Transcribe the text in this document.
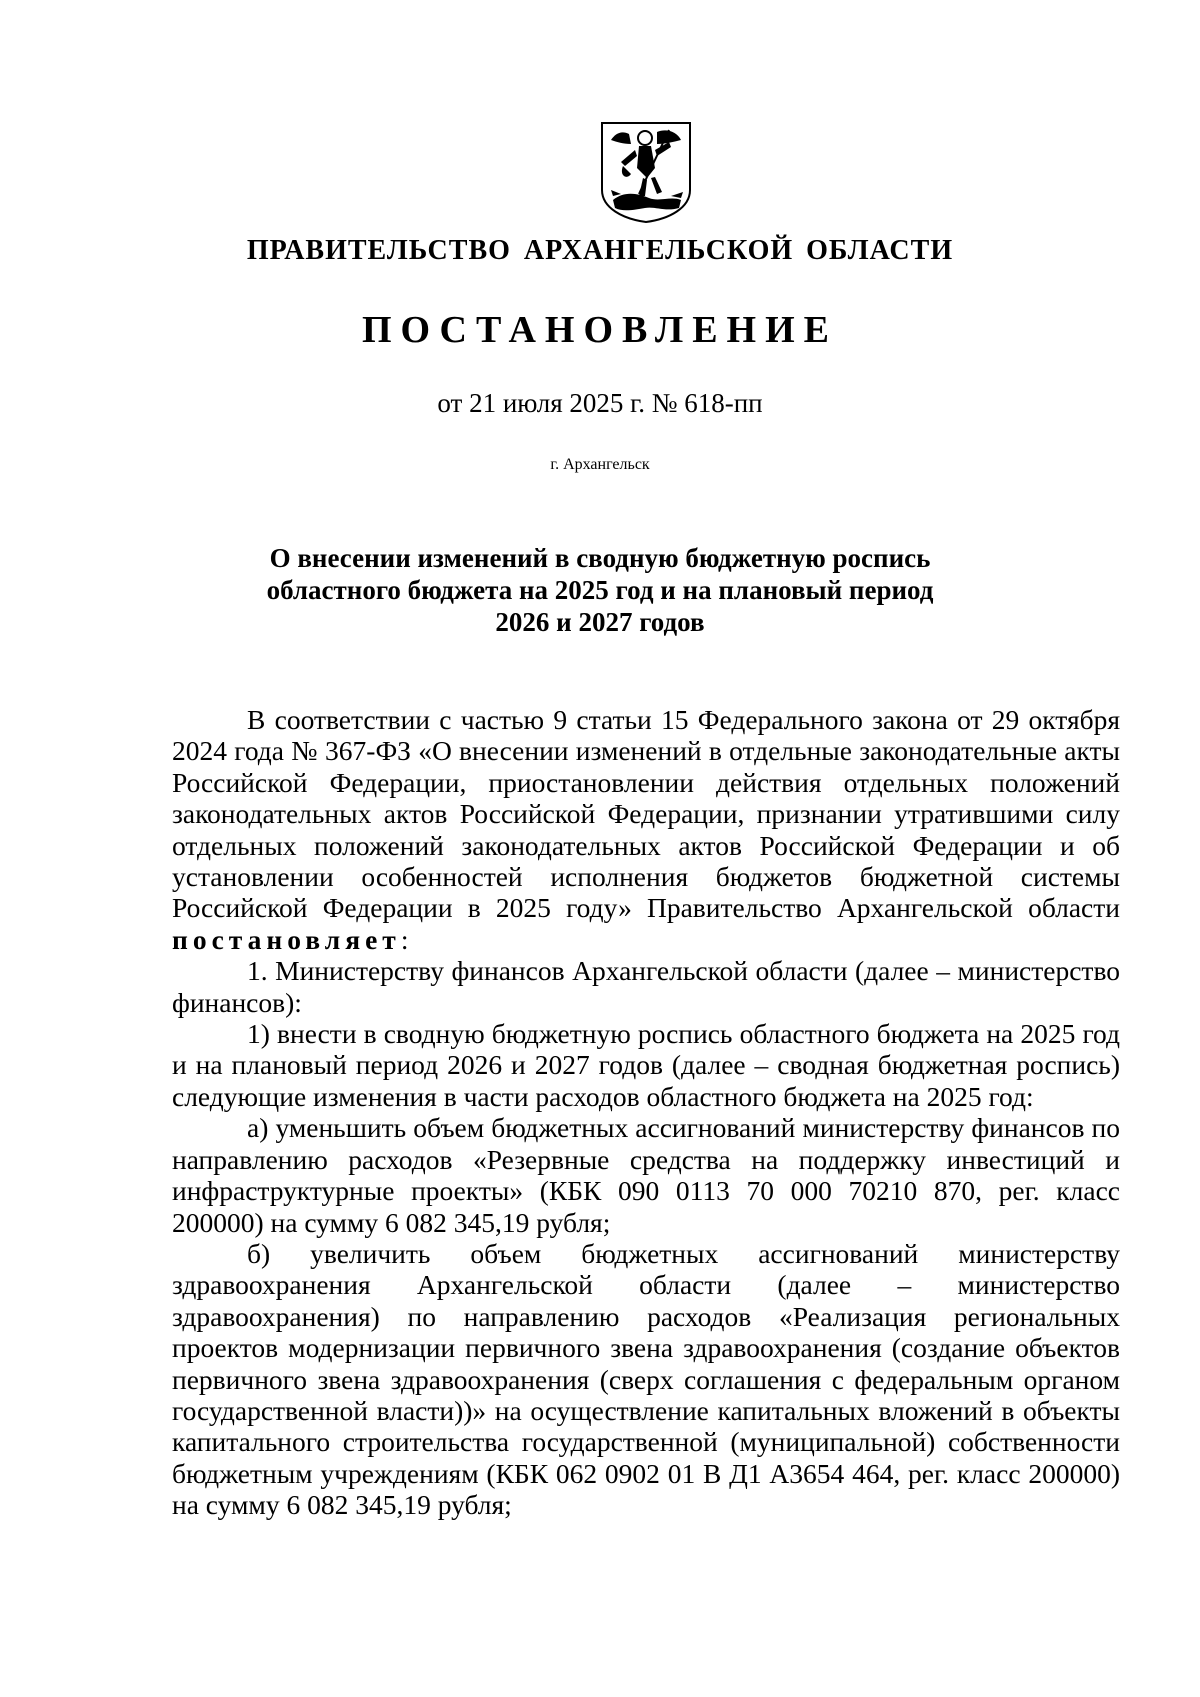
ПРАВИТЕЛЬСТВО АРХАНГЕЛЬСКОЙ ОБЛАСТИ
ПОСТАНОВЛЕНИЕ
от 21 июля 2025 г. № 618-пп
г. Архангельск
О внесении изменений в сводную бюджетную роспись
областного бюджета на 2025 год и на плановый период
2026 и 2027 годов

В соответствии с частью 9 статьи 15 Федерального закона от 29 октября 2024 года № 367-ФЗ «О внесении изменений в отдельные законодательные акты Российской Федерации, приостановлении действия отдельных положений законодательных актов Российской Федерации, признании утратившими силу отдельных положений законодательных актов Российской Федерации и об установлении особенностей исполнения бюджетов бюджетной системы Российской Федерации в 2025 году» Правительство Архангельской области постановляет:

1. Министерству финансов Архангельской области (далее – министерство финансов):

1) внести в сводную бюджетную роспись областного бюджета на 2025 год и на плановый период 2026 и 2027 годов (далее – сводная бюджетная роспись) следующие изменения в части расходов областного бюджета на 2025 год:

а) уменьшить объем бюджетных ассигнований министерству финансов по направлению расходов «Резервные средства на поддержку инвестиций и инфраструктурные проекты» (КБК 090 0113 70 000 70210 870, рег. класс 200000) на сумму 6 082 345,19 рубля;

б) увеличить объем бюджетных ассигнований министерству здравоохранения Архангельской области (далее – министерство здравоохранения) по направлению расходов «Реализация региональных проектов модернизации первичного звена здравоохранения (создание объектов первичного звена здравоохранения (сверх соглашения с федеральным органом государственной власти))» на осуществление капитальных вложений в объекты капитального строительства государственной (муниципальной) собственности бюджетным учреждениям (КБК 062 0902 01 В Д1 А3654 464, рег. класс 200000) на сумму 6 082 345,19 рубля;
